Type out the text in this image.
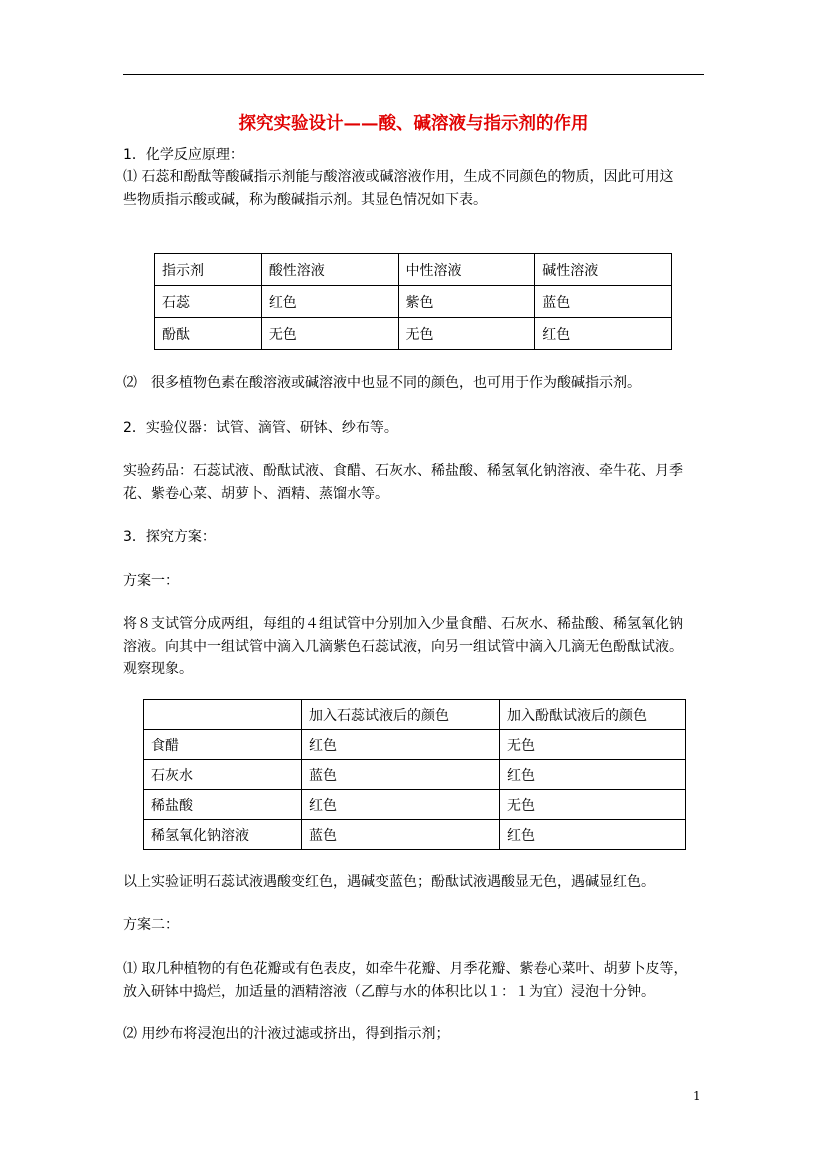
探究实验设计——酸、碱溶液与指示剂的作用
1．化学反应原理：
⑴ 石蕊和酚酞等酸碱指示剂能与酸溶液或碱溶液作用，生成不同颜色的物质，因此可用这
些物质指示酸或碱，称为酸碱指示剂。其显色情况如下表。
指示剂	酸性溶液	中性溶液	碱性溶液
石蕊	红色	紫色	蓝色
酚酞	无色	无色	红色
⑵　很多植物色素在酸溶液或碱溶液中也显不同的颜色，也可用于作为酸碱指示剂。
2．实验仪器：试管、滴管、研钵、纱布等。
实验药品：石蕊试液、酚酞试液、食醋、石灰水、稀盐酸、稀氢氧化钠溶液、牵牛花、月季
花、紫卷心菜、胡萝卜、酒精、蒸馏水等。
3．探究方案：
方案一：
将８支试管分成两组，每组的４组试管中分别加入少量食醋、石灰水、稀盐酸、稀氢氧化钠
溶液。向其中一组试管中滴入几滴紫色石蕊试液，向另一组试管中滴入几滴无色酚酞试液。
观察现象。
	加入石蕊试液后的颜色	加入酚酞试液后的颜色
食醋	红色	无色
石灰水	蓝色	红色
稀盐酸	红色	无色
稀氢氧化钠溶液	蓝色	红色
以上实验证明石蕊试液遇酸变红色，遇碱变蓝色；酚酞试液遇酸显无色，遇碱显红色。
方案二：
⑴ 取几种植物的有色花瓣或有色表皮，如牵牛花瓣、月季花瓣、紫卷心菜叶、胡萝卜皮等，
放入研钵中捣烂，加适量的酒精溶液（乙醇与水的体积比以１：１为宜）浸泡十分钟。
⑵ 用纱布将浸泡出的汁液过滤或挤出，得到指示剂；
1
